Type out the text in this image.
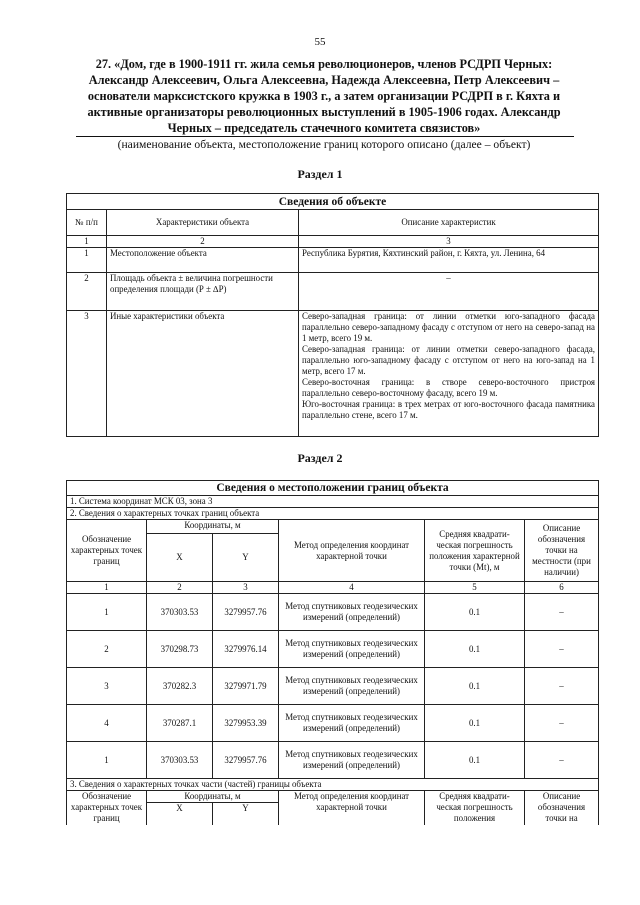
55
27. «Дом, где в 1900-1911 гг. жила семья революционеров, членов РСДРП Черных: Александр Алексеевич, Ольга Алексеевна, Надежда Алексеевна, Петр Алексеевич – основатели марксистского кружка в 1903 г., а затем организации РСДРП в г. Кяхта и активные организаторы революционных выступлений в 1905-1906 годах. Александр Черных – председатель стачечного комитета связистов»
(наименование объекта, местоположение границ которого описано (далее – объект)
Раздел 1
Сведения об объекте		
№ п/п	Характеристики объекта	Описание характеристик
1	2	3
1	Местоположение объекта	Республика Бурятия, Кяхтинский район, г. Кяхта, ул. Ленина, 64
2	Площадь объекта ± величина погрешности определения площади (Р ± ∆Р)	–
3	Иные характеристики объекта	Северо-западная граница: от линии отметки юго-западного фасада параллельно северо-западному фасаду с отступом от него на северо-запад на 1 метр, всего 19 м.
Северо-западная граница: от линии отметки северо-западного фасада, параллельно юго-западному фасаду с отступом от него на юго-запад на 1 метр, всего 17 м.
Северо-восточная граница: в створе северо-восточного пристроя параллельно северо-восточному фасаду, всего 19 м.
Юго-восточная граница: в трех метрах от юго-восточного фасада памятника параллельно стене, всего 17 м.
Раздел 2
Сведения о местоположении границ объекта					
1. Система координат МСК 03, зона 3					
2. Сведения о характерных точках границ объекта					
Обозначение характерных точек границ	Координаты, м		Метод определения координат характерной точки	Средняя квадрати-ческая погрешность положения характерной точки (Mt), м	Описание обозначения точки на местности (при наличии)
	X	Y			
1	2	3	4	5	6
1	370303.53	3279957.76	Метод спутниковых геодезических измерений (определений)	0.1	–
2	370298.73	3279976.14	Метод спутниковых геодезических измерений (определений)	0.1	–
3	370282.3	3279971.79	Метод спутниковых геодезических измерений (определений)	0.1	–
4	370287.1	3279953.39	Метод спутниковых геодезических измерений (определений)	0.1	–
1	370303.53	3279957.76	Метод спутниковых геодезических измерений (определений)	0.1	–
3. Сведения о характерных точках части (частей) границы объекта					
Обозначение характерных точек границ	Координаты, м		Метод определения координат характерной точки	Средняя квадрати-ческая погрешность положения	Описание обозначения точки на
	X	Y			
